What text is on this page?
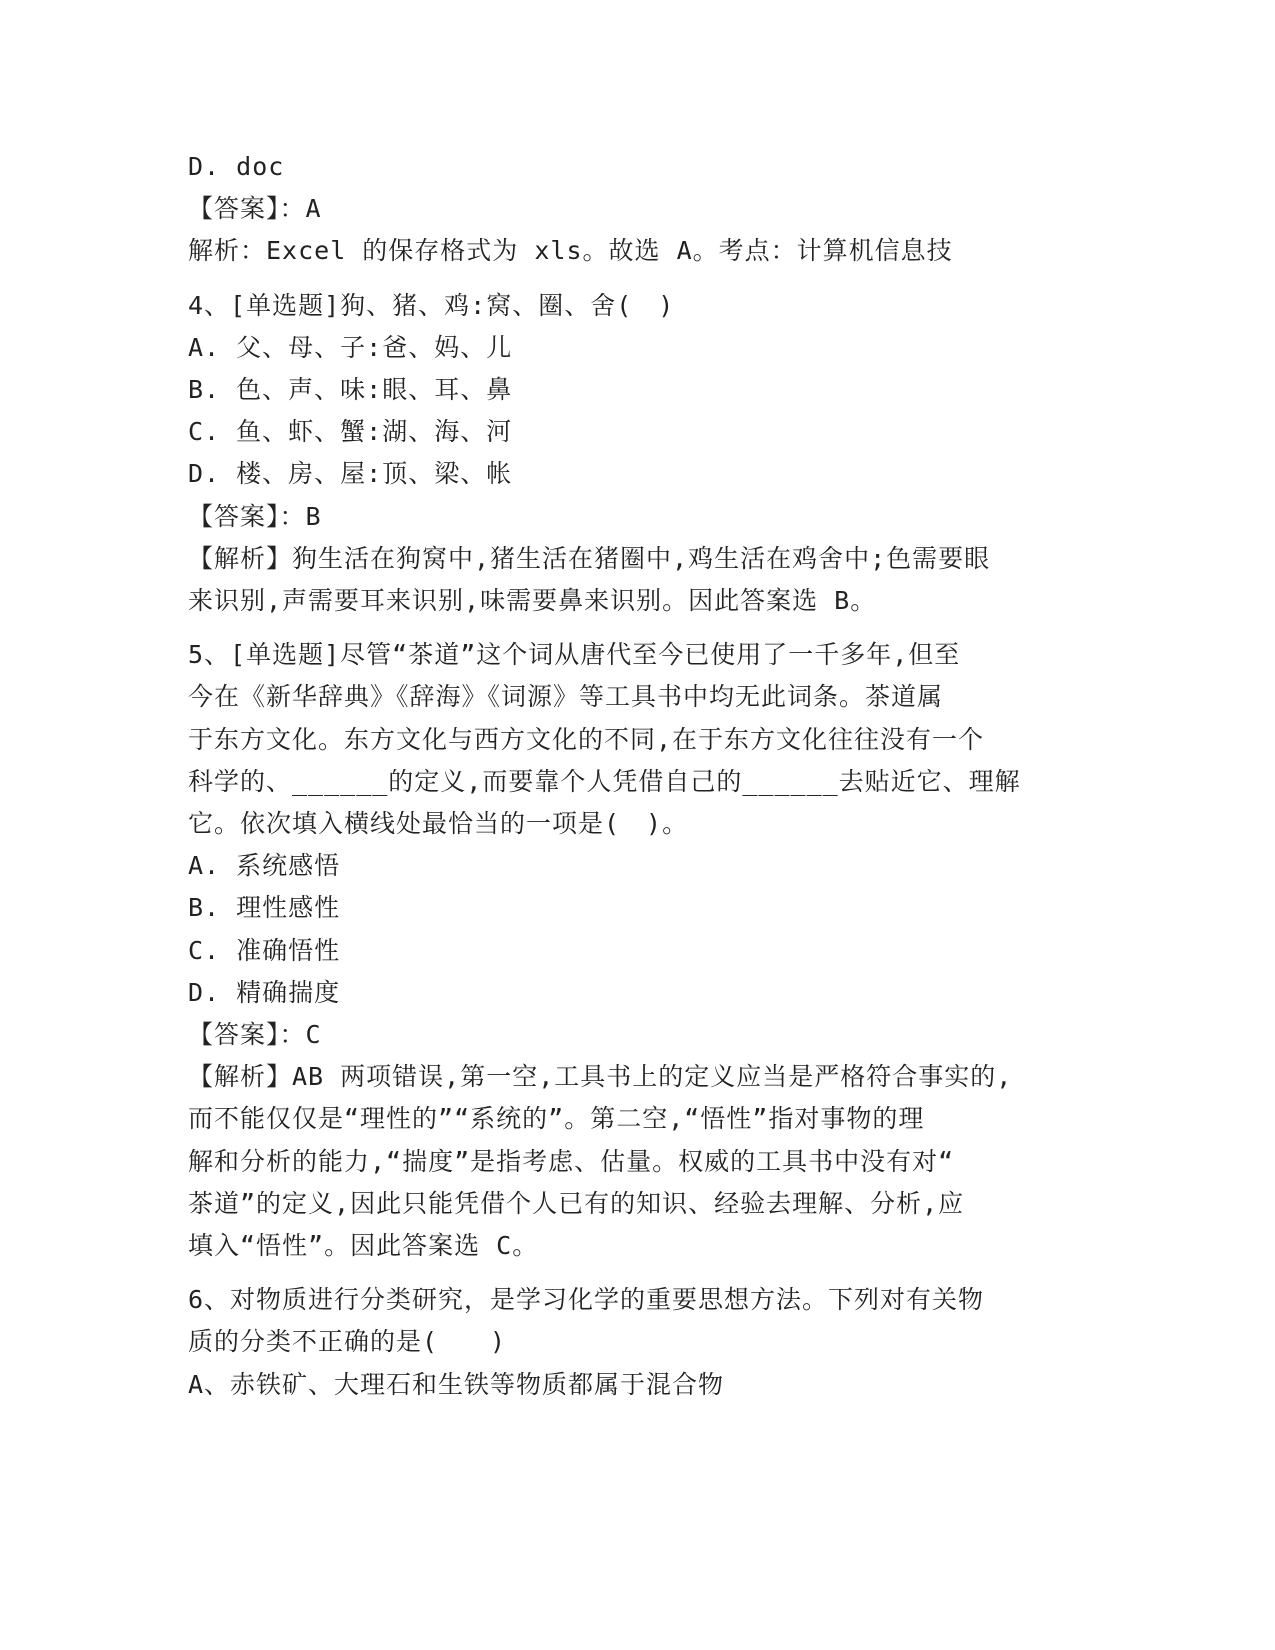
D. doc
【答案】：A
解析：Excel 的保存格式为 xls。故选 A。考点：计算机信息技
4、[单选题]狗、猪、鸡:窝、圈、舍(　)
A. 父、母、子:爸、妈、儿
B. 色、声、味:眼、耳、鼻
C. 鱼、虾、蟹:湖、海、河
D. 楼、房、屋:顶、梁、帐
【答案】：B
【解析】狗生活在狗窝中,猪生活在猪圈中,鸡生活在鸡舍中;色需要眼
来识别,声需要耳来识别,味需要鼻来识别。因此答案选 B。
5、[单选题]尽管“茶道”这个词从唐代至今已使用了一千多年,但至
今在《新华辞典》《辞海》《词源》等工具书中均无此词条。茶道属
于东方文化。东方文化与西方文化的不同,在于东方文化往往没有一个
科学的、______的定义,而要靠个人凭借自己的______去贴近它、理解
它。依次填入横线处最恰当的一项是(　)。
A. 系统感悟
B. 理性感性
C. 准确悟性
D. 精确揣度
【答案】：C
【解析】AB 两项错误,第一空,工具书上的定义应当是严格符合事实的,
而不能仅仅是“理性的”“系统的”。第二空,“悟性”指对事物的理
解和分析的能力,“揣度”是指考虑、估量。权威的工具书中没有对“
茶道”的定义,因此只能凭借个人已有的知识、经验去理解、分析,应
填入“悟性”。因此答案选 C。
6、对物质进行分类研究，是学习化学的重要思想方法。下列对有关物
质的分类不正确的是(　　)
A、赤铁矿、大理石和生铁等物质都属于混合物
